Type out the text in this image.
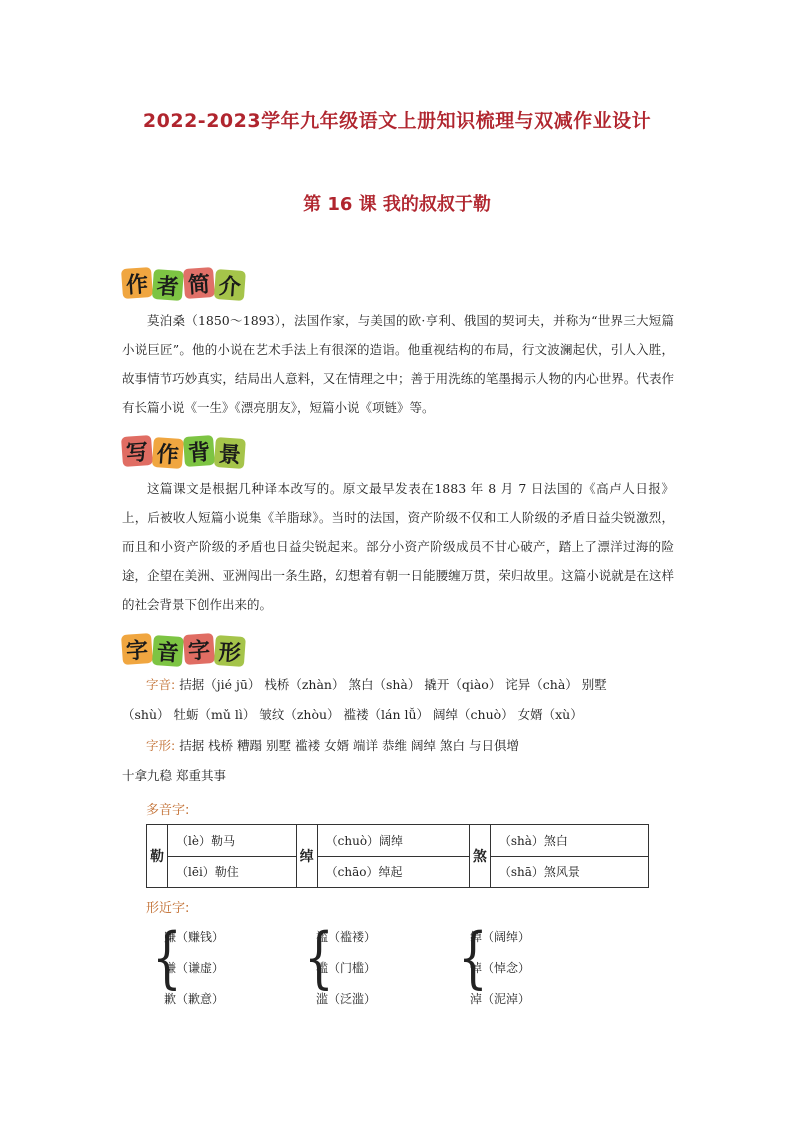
2022-2023学年九年级语文上册知识梳理与双减作业设计
第 16 课 我的叔叔于勒
作 者 简 介

莫泊桑（1850～1893），法国作家，与美国的欧·亨利、俄国的契诃夫，并称为“世界三大短篇小说巨匠”。他的小说在艺术手法上有很深的造诣。他重视结构的布局，行文波澜起伏，引人入胜，故事情节巧妙真实，结局出人意料，又在情理之中；善于用洗练的笔墨揭示人物的内心世界。代表作有长篇小说《一生》《漂亮朋友》，短篇小说《项链》等。

写 作 背 景

这篇课文是根据几种译本改写的。原文最早发表在1883 年 8 月 7 日法国的《高卢人日报》上，后被收人短篇小说集《羊脂球》。当时的法国，资产阶级不仅和工人阶级的矛盾日益尖锐激烈，而且和小资产阶级的矛盾也日益尖锐起来。部分小资产阶级成员不甘心破产，踏上了漂洋过海的险途，企望在美洲、亚洲闯出一条生路，幻想着有朝一日能腰缠万贯，荣归故里。这篇小说就是在这样的社会背景下创作出来的。

字 音 字 形
字音: 拮据（jié jū） 栈桥（zhàn） 煞白（shà） 撬开（qiào） 诧异（chà） 别墅
（shù） 牡蛎（mǔ lì） 皱纹（zhòu） 褴褛（lán lǚ） 阔绰（chuò） 女婿（xù）
字形: 拮据 栈桥 糟蹋 别墅 褴褛 女婿 端详 恭维 阔绰 煞白 与日俱增
十拿九稳 郑重其事
多音字:
勒	（lè）勒马	绰	（chuò）阔绰	煞	（shà）煞白
	（lēi）勒住		（chāo）绰起		（shā）煞风景
形近字:
{
赚（赚钱）
谦（谦虚）
歉（歉意）
{
褴（褴褛）
槛（门槛）
滥（泛滥）
{
绰（阔绰）
悼（悼念）
淖（泥淖）
